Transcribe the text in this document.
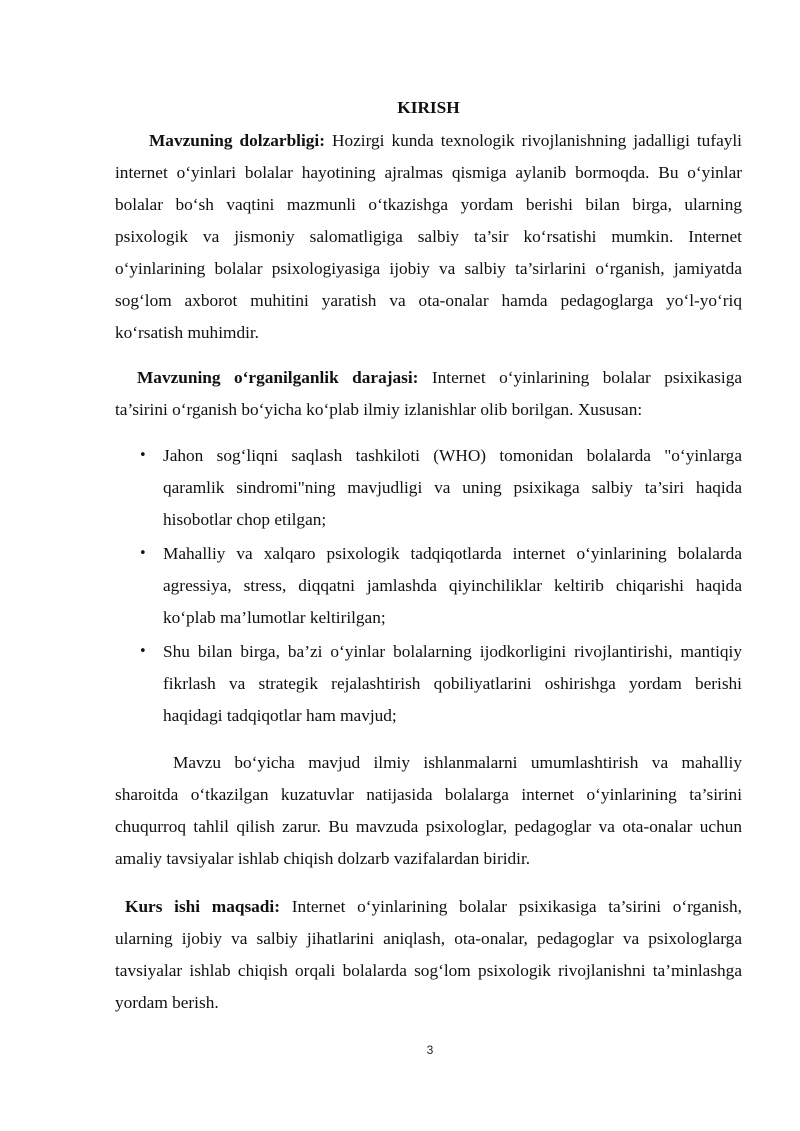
KIRISH

Mavzuning dolzarbligi: Hozirgi kunda texnologik rivojlanishning jadalligi tufayli internet o‘yinlari bolalar hayotining ajralmas qismiga aylanib bormoqda. Bu o‘yinlar bolalar bo‘sh vaqtini mazmunli o‘tkazishga yordam berishi bilan birga, ularning psixologik va jismoniy salomatligiga salbiy ta’sir ko‘rsatishi mumkin. Internet o‘yinlarining bolalar psixologiyasiga ijobiy va salbiy ta’sirlarini o‘rganish, jamiyatda sog‘lom axborot muhitini yaratish va ota-onalar hamda pedagoglarga yo‘l-yo‘riq ko‘rsatish muhimdir.

Mavzuning o‘rganilganlik darajasi: Internet o‘yinlarining bolalar psixikasiga ta’sirini o‘rganish bo‘yicha ko‘plab ilmiy izlanishlar olib borilgan. Xususan:

• Jahon sog‘liqni saqlash tashkiloti (WHO) tomonidan bolalarda "o‘yinlarga qaramlik sindromi"ning mavjudligi va uning psixikaga salbiy ta’siri haqida hisobotlar chop etilgan;
• Mahalliy va xalqaro psixologik tadqiqotlarda internet o‘yinlarining bolalarda agressiya, stress, diqqatni jamlashda qiyinchiliklar keltirib chiqarishi haqida ko‘plab ma’lumotlar keltirilgan;
• Shu bilan birga, ba’zi o‘yinlar bolalarning ijodkorligini rivojlantirishi, mantiqiy fikrlash va strategik rejalashtirish qobiliyatlarini oshirishga yordam berishi haqidagi tadqiqotlar ham mavjud;

Mavzu bo‘yicha mavjud ilmiy ishlanmalarni umumlashtirish va mahalliy sharoitda o‘tkazilgan kuzatuvlar natijasida bolalarga internet o‘yinlarining ta’sirini chuqurroq tahlil qilish zarur. Bu mavzuda psixologlar, pedagoglar va ota-onalar uchun amaliy tavsiyalar ishlab chiqish dolzarb vazifalardan biridir.

Kurs ishi maqsadi: Internet o‘yinlarining bolalar psixikasiga ta’sirini o‘rganish, ularning ijobiy va salbiy jihatlarini aniqlash, ota-onalar, pedagoglar va psixologlarga tavsiyalar ishlab chiqish orqali bolalarda sog‘lom psixologik rivojlanishni ta’minlashga yordam berish.

3
